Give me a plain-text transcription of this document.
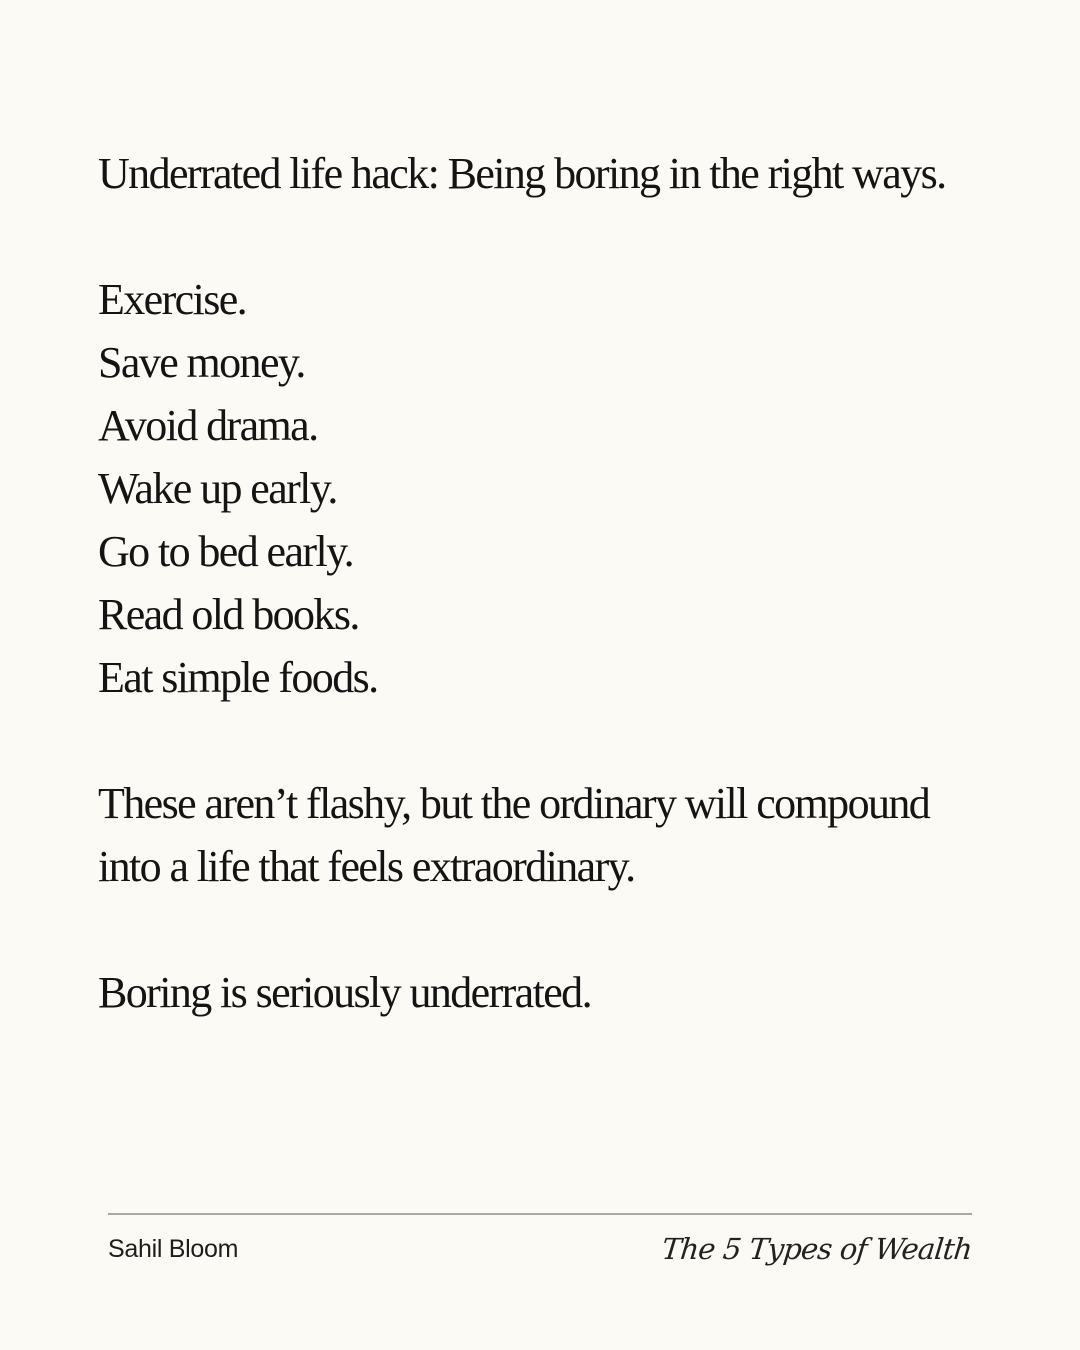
Underrated life hack: Being boring in the right ways.

Exercise.
Save money.
Avoid drama.
Wake up early.
Go to bed early.
Read old books.
Eat simple foods.

These aren’t flashy, but the ordinary will compound
into a life that feels extraordinary.

Boring is seriously underrated.

Sahil Bloom	The 5 Types of Wealth
